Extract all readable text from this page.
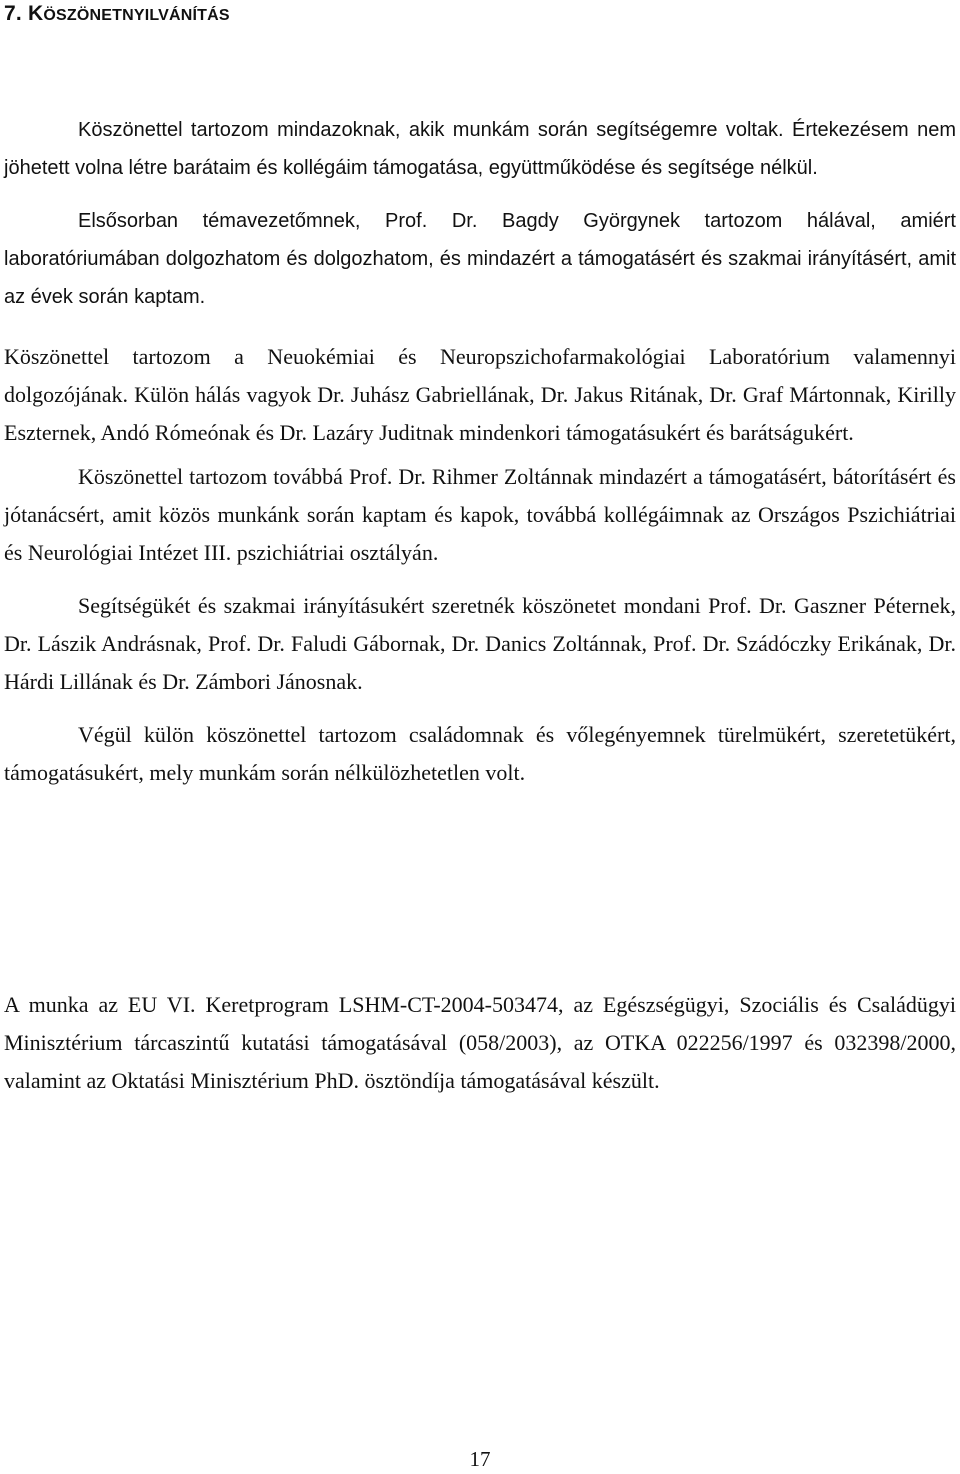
7. KÖSZÖNETNYILVÁNÍTÁS

Köszönettel tartozom mindazoknak, akik munkám során segítségemre voltak. Értekezésem nem jöhetett volna létre barátaim és kollégáim támogatása, együttműködése és segítsége nélkül.

Elsősorban témavezetőmnek, Prof. Dr. Bagdy Györgynek tartozom hálával, amiért laboratóriumában dolgozhatom és dolgozhatom, és mindazért a támogatásért és szakmai irányításért, amit az évek során kaptam.

Köszönettel tartozom a Neuokémiai és Neuropszichofarmakológiai Laboratórium valamennyi dolgozójának. Külön hálás vagyok Dr. Juhász Gabriellának, Dr. Jakus Ritának, Dr. Graf Mártonnak, Kirilly Eszternek, Andó Rómeónak és Dr. Lazáry Juditnak mindenkori támogatásukért és barátságukért.

Köszönettel tartozom továbbá Prof. Dr. Rihmer Zoltánnak mindazért a támogatásért, bátorításért és jótanácsért, amit közös munkánk során kaptam és kapok, továbbá kollégáimnak az Országos Pszichiátriai és Neurológiai Intézet III. pszichiátriai osztályán.

Segítségükét és szakmai irányításukért szeretnék köszönetet mondani Prof. Dr. Gaszner Péternek, Dr. Lászik Andrásnak, Prof. Dr. Faludi Gábornak, Dr. Danics Zoltánnak, Prof. Dr. Szádóczky Erikának, Dr. Hárdi Lillának és Dr. Zámbori Jánosnak.

Végül külön köszönettel tartozom családomnak és vőlegényemnek türelmükért, szeretetükért, támogatásukért, mely munkám során nélkülözhetetlen volt.

A munka az EU VI. Keretprogram LSHM-CT-2004-503474, az Egészségügyi, Szociális és Családügyi Minisztérium tárcaszintű kutatási támogatásával (058/2003), az OTKA 022256/1997 és 032398/2000, valamint az Oktatási Minisztérium PhD. ösztöndíja támogatásával készült.

17
